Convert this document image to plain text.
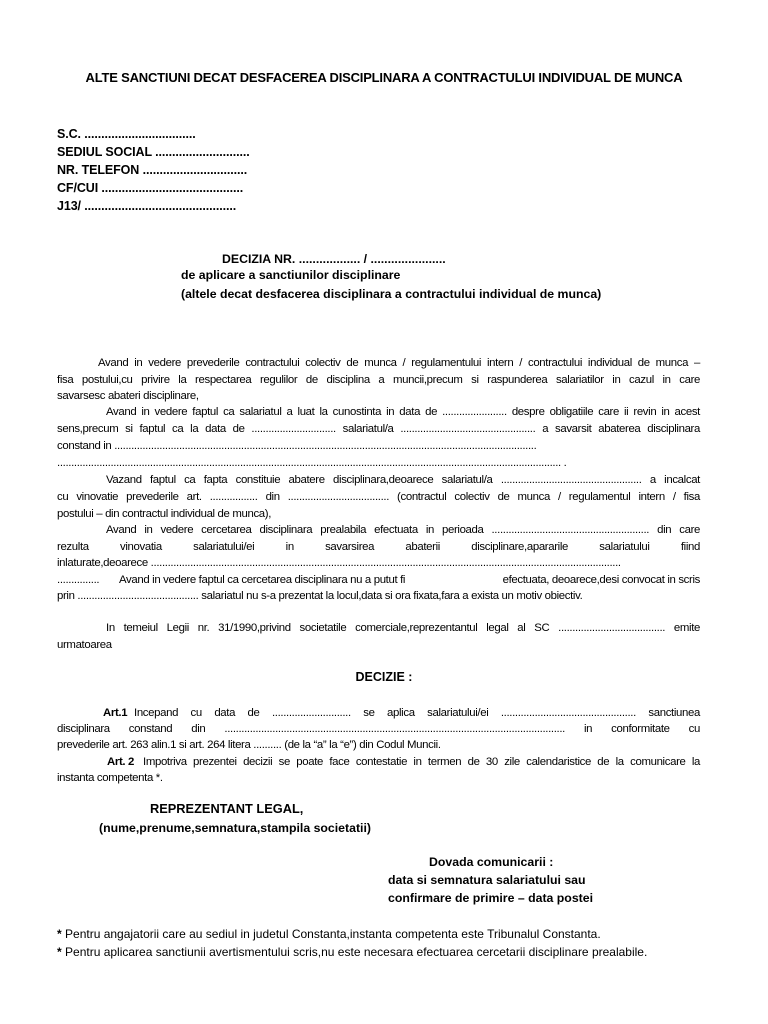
ALTE SANCTIUNI DECAT DESFACEREA DISCIPLINARA A CONTRACTULUI INDIVIDUAL DE MUNCA
S.C. .................................
SEDIUL SOCIAL ............................
NR. TELEFON ...............................
CF/CUI ..........................................
J13/ .............................................
DECIZIA NR. .................. / ......................
de aplicare a sanctiunilor disciplinare
(altele decat desfacerea disciplinara a contractului individual de munca)
Avand in vedere prevederile contractului colectiv de munca / regulamentului intern / contractului individual de munca –
fisa postului,cu privire la respectarea regulilor de disciplina a muncii,precum si raspunderea salariatilor in cazul in care
savarsesc abateri disciplinare,
Avand in vedere faptul ca salariatul a luat la cunostinta in data de ....................... despre obligatiile care ii revin in acest
sens,precum si faptul ca la data de .............................. salariatul/a ................................................ a savarsit abaterea disciplinara
constand in ......................................................................................................................................................
................................................................................................................................................................................... .
Vazand faptul ca fapta constituie abatere disciplinara,deoarece salariatul/a .................................................. a incalcat
cu vinovatie prevederile art. ................. din .................................... (contractul colectiv de munca / regulamentul intern / fisa
postului – din contractul individual de munca),
Avand in vedere cercetarea disciplinara prealabila efectuata in perioada ........................................................ din care
rezulta vinovatia salariatului/ei in savarsirea abaterii disciplinare,apararile salariatului fiind
inlaturate,deoarece .......................................................................................................................................................................
............... Avand in vedere faptul ca cercetarea disciplinara nu a putut fi	efectuata, deoarece,desi convocat in scris
prin ........................................... salariatul nu s-a prezentat la locul,data si ora fixata,fara a exista un motiv obiectiv.
In temeiul Legii nr. 31/1990,privind societatile comerciale,reprezentantul legal al SC ...................................... emite
urmatoarea
DECIZIE :
Art.1 Incepand cu data de ............................ se aplica salariatului/ei ................................................ sanctiunea
disciplinara constand din ......................................................................................................................... in conformitate cu
prevederile art. 263 alin.1 si art. 264 litera .......... (de la “a” la “e”) din Codul Muncii.
Art. 2 Impotriva prezentei decizii se poate face contestatie in termen de 30 zile calendaristice de la comunicare la
instanta competenta *.
REPREZENTANT LEGAL,
(nume,prenume,semnatura,stampila societatii)
Dovada comunicarii :
data si semnatura salariatului sau
confirmare de primire – data postei
* Pentru angajatorii care au sediul in judetul Constanta,instanta competenta este Tribunalul Constanta.
* Pentru aplicarea sanctiunii avertismentului scris,nu este necesara efectuarea cercetarii disciplinare prealabile.
